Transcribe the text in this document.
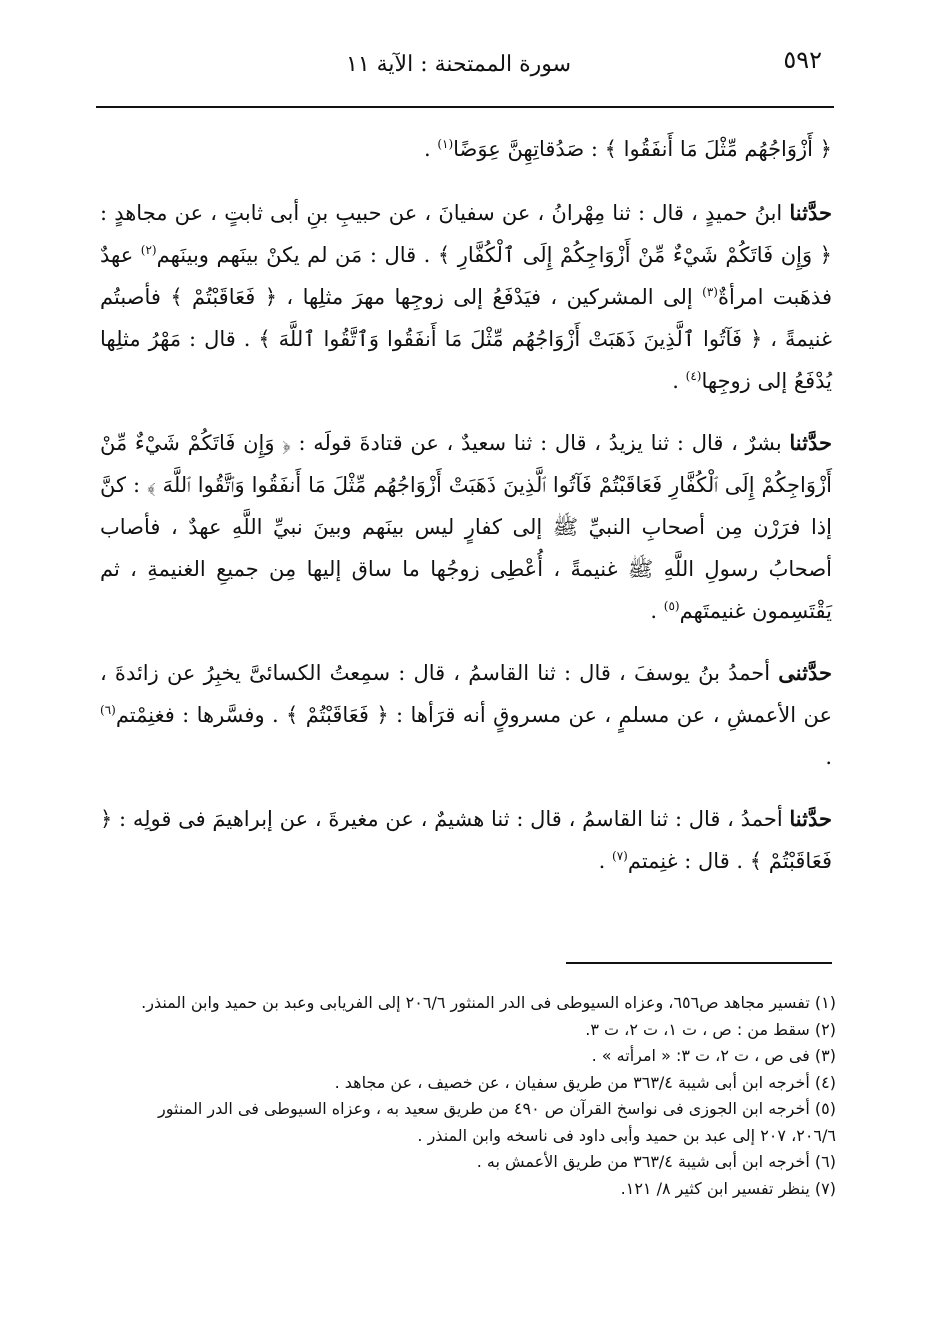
٥٩٢
سورة الممتحنة : الآية ١١

﴿ أَزْوَاجُهُم مِّثْلَ مَا أَنفَقُوا ﴾ : صَدُقاتِهِنَّ عِوَضًا$^{(١)}$ .

حدَّثنا ابنُ حميدٍ ، قال : ثنا مِهْرانُ ، عن سفيانَ ، عن حبيبِ بنِ أبى ثابتٍ ، عن مجاهدٍ : ﴿ وَإِن فَاتَكُمْ شَيْءٌ مِّنْ أَزْوَاجِكُمْ إِلَى ٱلْكُفَّارِ ﴾ . قال : مَن لم يكنْ بينَهم وبينَهم$^{(٢)}$ عهدٌ فذهَبت امرأةٌ$^{(٣)}$ إلى المشركين ، فيَدْفَعُ إلى زوجِها مهرَ مثلِها ، ﴿ فَعَاقَبْتُمْ ﴾ فأصبتُم غنيمةً ، ﴿ فَآتُوا ٱلَّذِينَ ذَهَبَتْ أَزْوَاجُهُم مِّثْلَ مَا أَنفَقُوا وَٱتَّقُوا ٱللَّهَ ﴾ . قال : مَهْرُ مثلِها يُدْفَعُ إلى زوجِها$^{(٤)}$ .

حدَّثنا بشرٌ ، قال : ثنا يزيدُ ، قال : ثنا سعيدٌ ، عن قتادةَ قولَه : ﴿ وَإِن فَاتَكُمْ شَيْءٌ مِّنْ أَزْوَاجِكُمْ إِلَى ٱلْكُفَّارِ فَعَاقَبْتُمْ فَآتُوا ٱلَّذِينَ ذَهَبَتْ أَزْوَاجُهُم مِّثْلَ مَا أَنفَقُوا وَٱتَّقُوا ٱللَّهَ ﴾ : كنَّ إذا فرَرْن مِن أصحابِ النبيِّ ﷺ إلى كفارٍ ليس بينَهم وبينَ نبيِّ اللَّهِ عهدٌ ، فأصاب أصحابُ رسولِ اللَّهِ ﷺ غنيمةً ، أُعْطِى زوجُها ما ساق إليها مِن جميعِ الغنيمةِ ، ثم يَقْتَسِمون غنيمتَهم$^{(٥)}$ .

حدَّثنى أحمدُ بنُ يوسفَ ، قال : ثنا القاسمُ ، قال : سمِعتُ الكسائىَّ يخبِرُ عن زائدةَ ، عن الأعمشِ ، عن مسلمٍ ، عن مسروقٍ أنه قرَأها : ﴿ فَعَاقَبْتُمْ ﴾ . وفسَّرها : فغنِمْتم$^{(٦)}$ .

حدَّثنا أحمدُ ، قال : ثنا القاسمُ ، قال : ثنا هشيمٌ ، عن مغيرةَ ، عن إبراهيمَ فى قولِه : ﴿ فَعَاقَبْتُمْ ﴾ . قال : غنِمتم$^{(٧)}$ .

(١) تفسير مجاهد ص٦٥٦، وعزاه السيوطى فى الدر المنثور ٢٠٦/٦ إلى الفريابى وعبد بن حميد وابن المنذر.

(٢) سقط من : ص ، ت ١، ت ٢، ت ٣.

(٣) فى ص ، ت ٢، ت ٣: « امرأته » .

(٤) أخرجه ابن أبى شيبة ٣٦٣/٤ من طريق سفيان ، عن خصيف ، عن مجاهد .

(٥) أخرجه ابن الجوزى فى نواسخ القرآن ص ٤٩٠ من طريق سعيد به ، وعزاه السيوطى فى الدر المنثور ٢٠٦/٦، ٢٠٧ إلى عبد بن حميد وأبى داود فى ناسخه وابن المنذر .

(٦) أخرجه ابن أبى شيبة ٣٦٣/٤ من طريق الأعمش به .

(٧) ينظر تفسير ابن كثير ٨/ ١٢١.
